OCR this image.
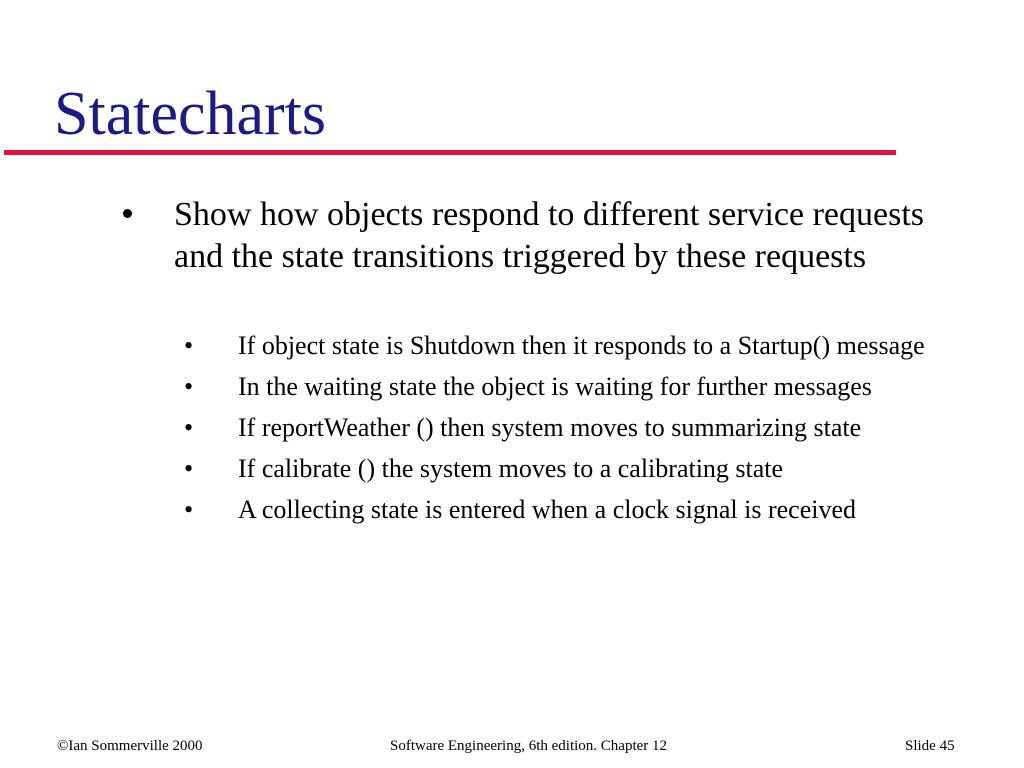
Statecharts
Show how objects respond to different service requests and the state transitions triggered by these requests
• If object state is Shutdown then it responds to a Startup() message
• In the waiting state the object is waiting for further messages
• If reportWeather () then system moves to summarizing state
• If calibrate () the system moves to a calibrating state
• A collecting state is entered when a clock signal is received
©Ian Sommerville 2000	Software Engineering, 6th edition. Chapter 12	Slide 45
